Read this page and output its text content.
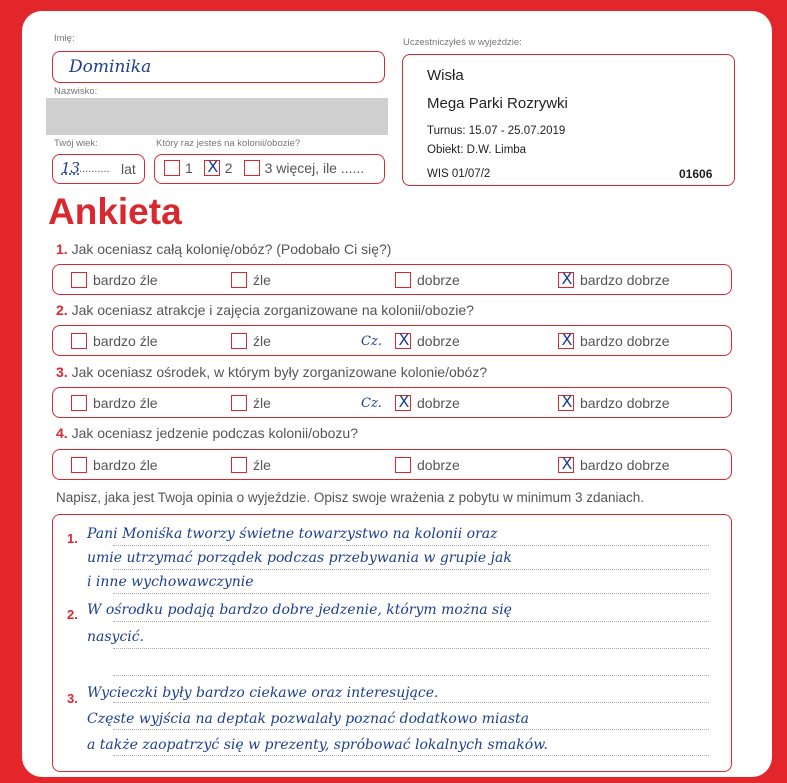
Imię:
Dominika
Nazwisko:
Twój wiek:
13
.......... lat
Który raz jesteś na kolonii/obozie?
1 X 2 3 więcej, ile ......
Uczestniczyłeś w wyjeździe:
Wisła
Mega Parki Rozrywki
Turnus: 15.07 - 25.07.2019
Obiekt: D.W. Limba
WIS 01/07/2	01606
Ankieta
1. Jak oceniasz całą kolonię/obóz? (Podobało Ci się?)
bardzo źle	źle	dobrze	X bardzo dobrze
2. Jak oceniasz atrakcje i zajęcia zorganizowane na kolonii/obozie?
bardzo źle	źle	Cz. X dobrze	X bardzo dobrze
3. Jak oceniasz ośrodek, w którym były zorganizowane kolonie/obóz?
bardzo źle	źle	Cz. X dobrze	X bardzo dobrze
4. Jak oceniasz jedzenie podczas kolonii/obozu?
bardzo źle	źle	dobrze	X bardzo dobrze
Napisz, jaka jest Twoja opinia o wyjeździe. Opisz swoje wrażenia z pobytu w minimum 3 zdaniach.
1.
2.
3.
Pani Moniśka tworzy świetne towarzystwo na kolonii oraz
umie utrzymać porządek podczas przebywania w grupie jak
i inne wychowawczynie
W ośrodku podają bardzo dobre jedzenie, którym można się
nasycić.
Wycieczki były bardzo ciekawe oraz interesujące.
Częste wyjścia na deptak pozwalały poznać dodatkowo miasta
a także zaopatrzyć się w prezenty, spróbować lokalnych smaków.
